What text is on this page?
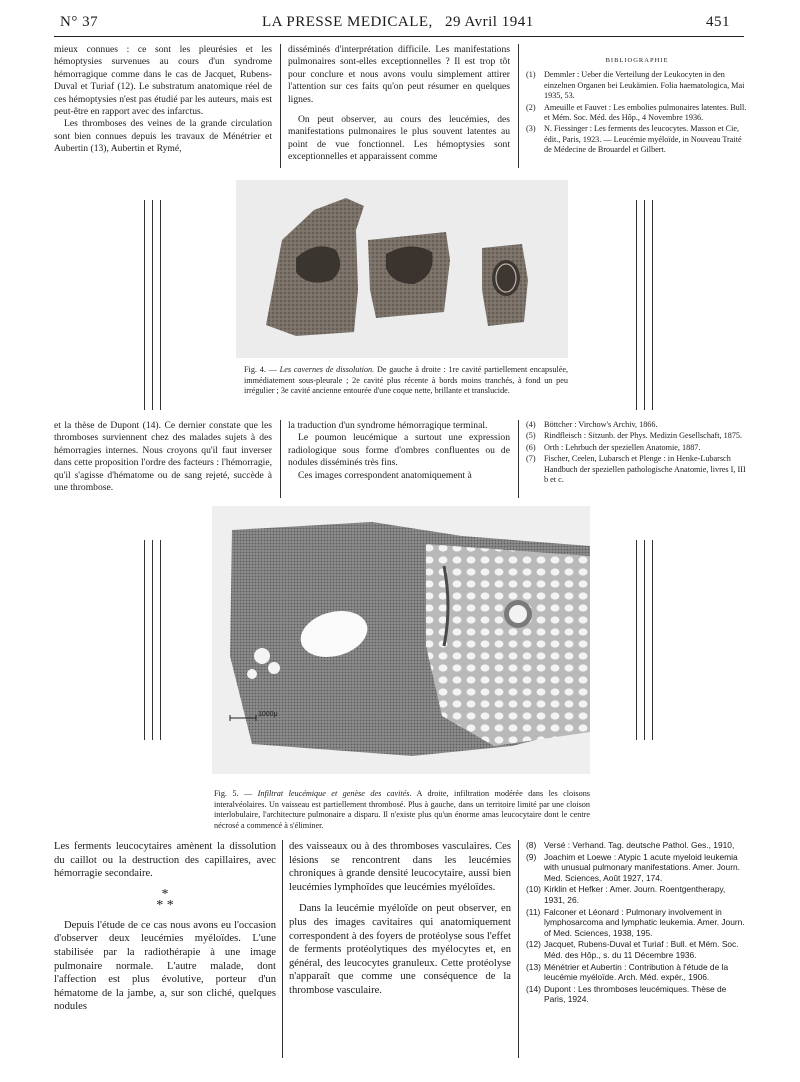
N° 37	LA PRESSE MEDICALE, 29 Avril 1941	451

mieux connues : ce sont les pleurésies et les hémoptysies survenues au cours d'un syndrome hémorragique comme dans le cas de Jacquet, Rubens-Duval et Turiaf (12). Le substratum anatomique réel de ces hémoptysies n'est pas étudié par les auteurs, mais est peut-être en rapport avec des infarctus.

Les thromboses des veines de la grande circulation sont bien connues depuis les travaux de Ménétrier et Aubertin (13), Aubertin et Rymé,

disséminés d'interprétation difficile. Les manifestations pulmonaires sont-elles exceptionnelles ? Il est trop tôt pour conclure et nous avons voulu simplement attirer l'attention sur ces faits qu'on peut résumer en quelques lignes.

On peut observer, au cours des leucémies, des manifestations pulmonaires le plus souvent latentes au point de vue fonctionnel. Les hémoptysies sont exceptionnelles et apparaissent comme

BIBLIOGRAPHIE
(1)	Demmler : Ueber die Verteilung der Leukocyten in den einzelnen Organen bei Leukämien. Folia haematologica, Mai 1935, 53.
(2)	Ameuille et Fauvet : Les embolies pulmonaires latentes. Bull. et Mém. Soc. Méd. des Hôp., 4 Novembre 1936.
(3)	N. Fiessinger : Les ferments des leucocytes. Masson et Cie, édit., Paris, 1923. — Leucémie myéloïde, in Nouveau Traité de Médecine de Brouardel et Gilbert.
Fig. 4. — Les cavernes de dissolution. De gauche à droite : 1re cavité partiellement encapsulée, immédiatement sous-pleurale ; 2e cavité plus récente à bords moins tranchés, à fond un peu irrégulier ; 3e cavité ancienne entourée d'une coque nette, brillante et translucide.

et la thèse de Dupont (14). Ce dernier constate que les thromboses surviennent chez des malades sujets à des hémorragies internes. Nous croyons qu'il faut inverser dans cette proposition l'ordre des facteurs : l'hémorragie, qu'il s'agisse d'hématome ou de sang rejeté, succède à une thrombose.

la traduction d'un syndrome hémorragique terminal.

Le poumon leucémique a surtout une expression radiologique sous forme d'ombres confluentes ou de nodules disséminés très fins.

Ces images correspondent anatomiquement à

(4)	Böttcher : Virchow's Archiv, 1866.
(5)	Rindfleisch : Sitzunb. der Phys. Medizin Gesellschaft, 1875.
(6)	Orth : Lehrbuch der speziellen Anatomie, 1887.
(7)	Fischer, Ceelen, Lubarsch et Plenge : in Henke-Lubarsch Handbuch der speziellen pathologische Anatomie, livres I, III b et c.
1000μ
Fig. 5. — Infiltrat leucémique et genèse des cavités. A droite, infiltration modérée dans les cloisons interalvéolaires. Un vaisseau est partiellement thrombosé. Plus à gauche, dans un territoire limité par une cloison interlobulaire, l'architecture pulmonaire a disparu. Il n'existe plus qu'un énorme amas leucocytaire dont le centre nécrosé a commencé à s'éliminer.

Les ferments leucocytaires amènent la dissolution du caillot ou la destruction des capillaires, avec hémorragie secondaire.

*
* *

Depuis l'étude de ce cas nous avons eu l'occasion d'observer deux leucémies myéloïdes. L'une stabilisée par la radiothérapie à une image pulmonaire normale. L'autre malade, dont l'affection est plus évolutive, porteur d'un hématome de la jambe, a, sur son cliché, quelques nodules

des vaisseaux ou à des thromboses vasculaires. Ces lésions se rencontrent dans les leucémies chroniques à grande densité leucocytaire, aussi bien leucémies lymphoïdes que leucémies myéloïdes.

Dans la leucémie myéloïde on peut observer, en plus des images cavitaires qui anatomiquement correspondent à des foyers de protéolyse sous l'effet de ferments protéolytiques des myélocytes et, en général, des leucocytes granuleux. Cette protéolyse n'apparaît que comme une conséquence de la thrombose vasculaire.

(8) Versé : Verhand. Tag. deutsche Pathol. Ges., 1910,
(9) Joachim et Loewe : Atypic 1 acute myeloid leukemia with unusual pulmonary manifestations. Amer. Journ. Med. Sciences, Août 1927, 174.
(10) Kirklin et Hefker : Amer. Journ. Roentgentherapy, 1931, 26.
(11) Falconer et Léonard : Pulmonary involvement in lymphosarcoma and lymphatic leukemia. Amer. Journ. of Med. Sciences, 1938, 195.
(12) Jacquet, Rubens-Duval et Turiaf : Bull. et Mém. Soc. Méd. des Hôp., s. du 11 Décembre 1936.
(13) Ménétrier et Aubertin : Contribution à l'étude de la leucémie myéloïde. Arch. Méd. expér., 1906.
(14) Dupont : Les thromboses leucémiques. Thèse de Paris, 1924.
